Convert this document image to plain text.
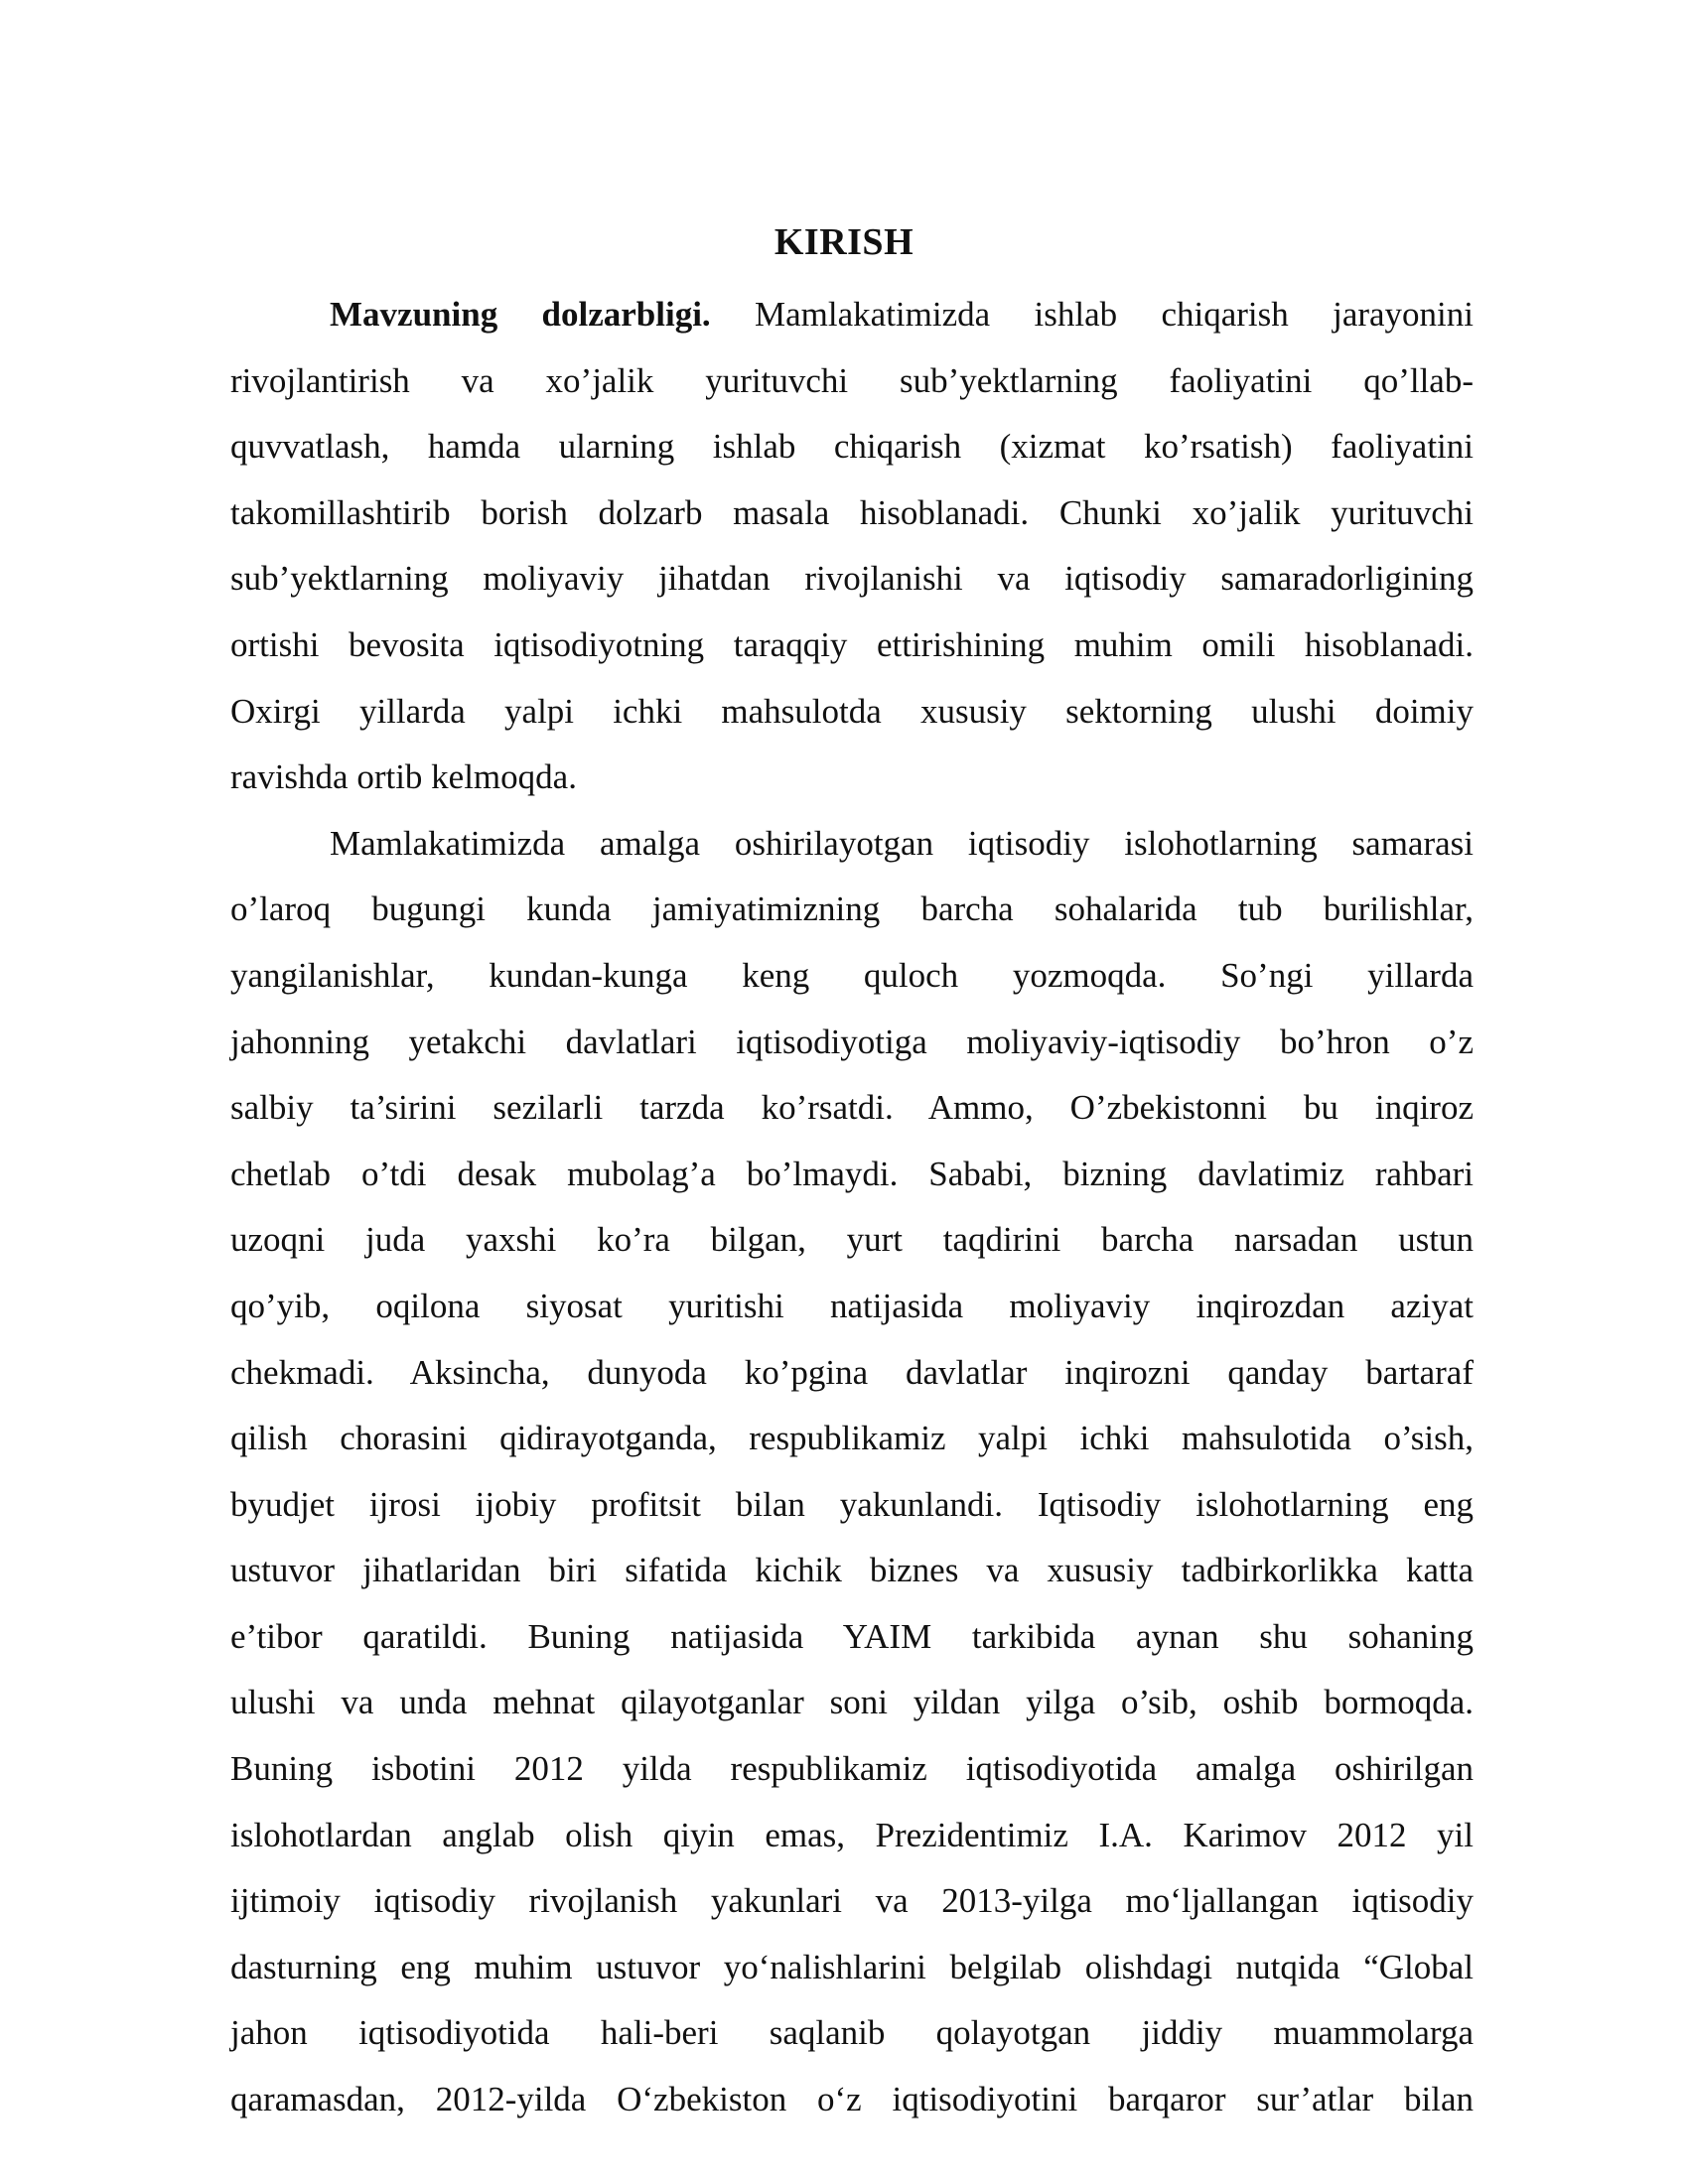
KIRISH
Mavzuning dolzarbligi. Mamlakatimizda ishlab chiqarish jarayonini
rivojlantirish va xo’jalik yurituvchi sub’yektlarning faoliyatini qo’llab-
quvvatlash, hamda ularning ishlab chiqarish (xizmat ko’rsatish) faoliyatini
takomillashtirib borish dolzarb masala hisoblanadi. Chunki xo’jalik yurituvchi
sub’yektlarning moliyaviy jihatdan rivojlanishi va iqtisodiy samaradorligining
ortishi bevosita iqtisodiyotning taraqqiy ettirishining muhim omili hisoblanadi.
Oxirgi yillarda yalpi ichki mahsulotda xususiy sektorning ulushi doimiy
ravishda ortib kelmoqda.
Mamlakatimizda amalga oshirilayotgan iqtisodiy islohotlarning samarasi
o’laroq bugungi kunda jamiyatimizning barcha sohalarida tub burilishlar,
yangilanishlar, kundan-kunga keng quloch yozmoqda. So’ngi yillarda
jahonning yetakchi davlatlari iqtisodiyotiga moliyaviy-iqtisodiy bo’hron o’z
salbiy ta’sirini sezilarli tarzda ko’rsatdi. Ammo, O’zbekistonni bu inqiroz
chetlab o’tdi desak mubolag’a bo’lmaydi. Sababi, bizning davlatimiz rahbari
uzoqni juda yaxshi ko’ra bilgan, yurt taqdirini barcha narsadan ustun
qo’yib, oqilona siyosat yuritishi natijasida moliyaviy inqirozdan aziyat
chekmadi. Aksincha, dunyoda ko’pgina davlatlar inqirozni qanday bartaraf
qilish chorasini qidirayotganda, respublikamiz yalpi ichki mahsulotida o’sish,
byudjet ijrosi ijobiy profitsit bilan yakunlandi. Iqtisodiy islohotlarning eng
ustuvor jihatlaridan biri sifatida kichik biznes va xususiy tadbirkorlikka katta
e’tibor qaratildi. Buning natijasida YAIM tarkibida aynan shu sohaning
ulushi va unda mehnat qilayotganlar soni yildan yilga o’sib, oshib bormoqda.
Buning isbotini 2012 yilda respublikamiz iqtisodiyotida amalga oshirilgan
islohotlardan anglab olish qiyin emas, Prezidentimiz I.A. Karimov 2012 yil
ijtimoiy iqtisodiy rivojlanish yakunlari va 2013-yilga mo‘ljallangan iqtisodiy
dasturning eng muhim ustuvor yo‘nalishlarini belgilab olishdagi nutqida “Global
jahon iqtisodiyotida hali-beri saqlanib qolayotgan jiddiy muammolarga
qaramasdan, 2012-yilda O‘zbekiston o‘z iqtisodiyotini barqaror sur’atlar bilan
